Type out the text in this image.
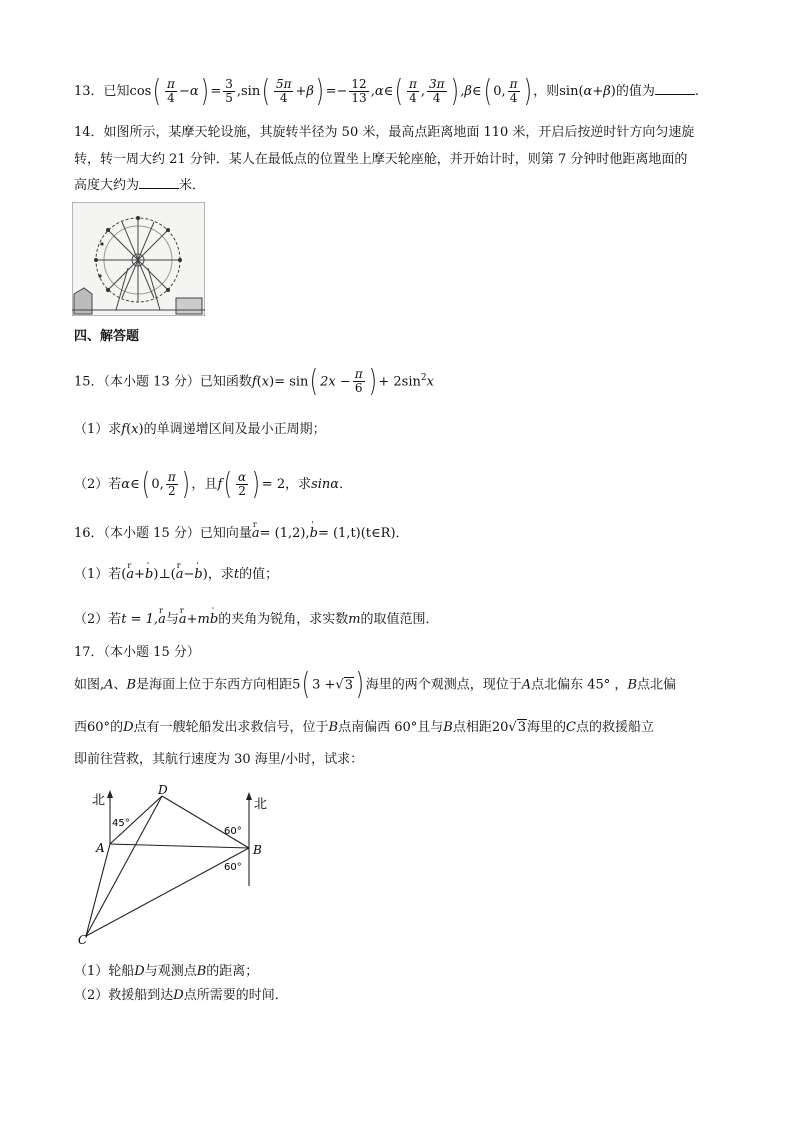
13．已知$\cos( \frac{\pi}{4} -\alpha) = \frac{3}{5} ,\sin( \frac{5\pi}{4} +\beta) =- \frac{12}{13}$ ,α∈( $\frac{\pi}{4}$ , $\frac{3\pi}{4}$ ) ,β∈( 0, $\frac{\pi}{4}$ ) ，则sin(α+β)的值为	.
14．如图所示，某摩天轮设施，其旋转半径为 50 米，最高点距离地面 110 米，开启后按逆时针方向匀速旋
转，转一周大约 21 分钟．某人在最低点的位置坐上摩天轮座舱，并开始计时，则第 7 分钟时他距离地面的
高度大约为	米．
四、解答题
15．（本小题 13 分）已知函数f(x)= sin( $2x - \frac{\pi}{6}$ ) + $2\sin^2x$
（1）求f(x)的单调递增区间及最小正周期；
（2）若α∈( 0, $\frac{\pi}{2}$ ) ，且$f( \frac{\alpha}{2}$ ) = 2，求sinα．
16．（本小题 15 分）已知向量r a= (1,2),' b= (1,t)(t∈R)．
（1）若(r a+' b)⊥(r a−' b)，求t的值；
（2）若t = 1,r a与r a+m' b的夹角为锐角，求实数m的取值范围．
17．（本小题 15 分）
如图,A、B是海面上位于东西方向相距5( 3 +√3) 海里的两个观测点，现位于A点北偏东 45° ，B点北偏
西60°的D点有一艘轮船发出求救信号，位于B点南偏西 60°且与B点相距20√3海里的C点的救援船立
即前往营救，其航行速度为 30 海里/小时，试求：
北	北
45°
60°
60°
A	B
C
D
（1）轮船D与观测点B的距离；
（2）救援船到达D点所需要的时间．
